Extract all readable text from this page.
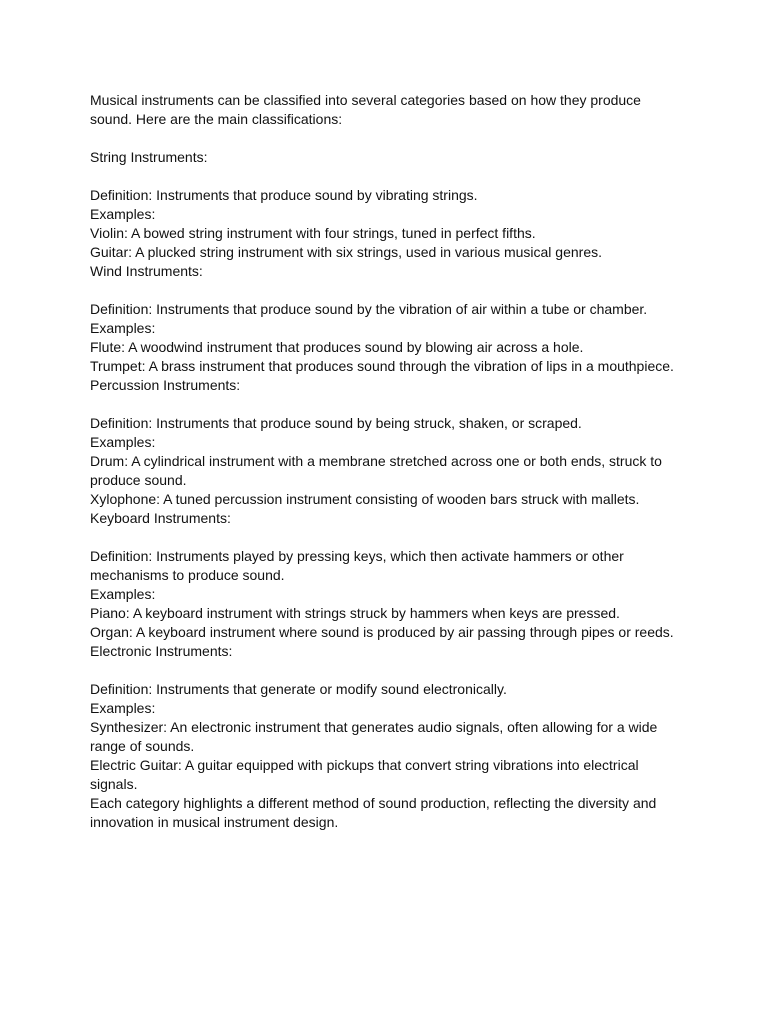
Musical instruments can be classified into several categories based on how they produce sound. Here are the main classifications:

String Instruments:

Definition: Instruments that produce sound by vibrating strings.

Examples:

Violin: A bowed string instrument with four strings, tuned in perfect fifths.

Guitar: A plucked string instrument with six strings, used in various musical genres.

Wind Instruments:

Definition: Instruments that produce sound by the vibration of air within a tube or chamber.

Examples:

Flute: A woodwind instrument that produces sound by blowing air across a hole.

Trumpet: A brass instrument that produces sound through the vibration of lips in a mouthpiece.

Percussion Instruments:

Definition: Instruments that produce sound by being struck, shaken, or scraped.

Examples:

Drum: A cylindrical instrument with a membrane stretched across one or both ends, struck to produce sound.

Xylophone: A tuned percussion instrument consisting of wooden bars struck with mallets.

Keyboard Instruments:

Definition: Instruments played by pressing keys, which then activate hammers or other mechanisms to produce sound.

Examples:

Piano: A keyboard instrument with strings struck by hammers when keys are pressed.

Organ: A keyboard instrument where sound is produced by air passing through pipes or reeds.

Electronic Instruments:

Definition: Instruments that generate or modify sound electronically.

Examples:

Synthesizer: An electronic instrument that generates audio signals, often allowing for a wide range of sounds.

Electric Guitar: A guitar equipped with pickups that convert string vibrations into electrical signals.

Each category highlights a different method of sound production, reflecting the diversity and innovation in musical instrument design.
